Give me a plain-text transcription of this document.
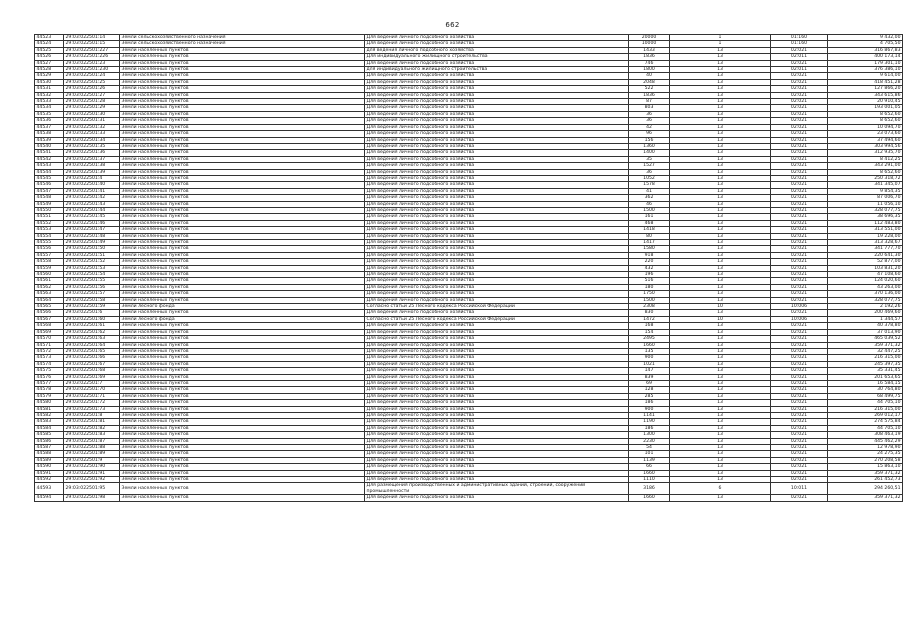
662
44523	29:03:022501:14	Земли сельскохозяйственного назначения	Для ведения личного подсобного хозяйства	20000	1	01:160	9 432,00
44524	29:03:022501:15	Земли сельскохозяйственного назначения	Для ведения личного подсобного хозяйства	10000	1	01:160	4 705,50
44525	29:03:022501:227	Земли населенных пунктов	для ведения личного подсобного хозяйства	1433	13	02:021	316 867,83
44526	29:03:022501:226	Земли населенных пунктов	Для индивидуального жилищного строительства	1836	13	02:011	400 173,14
44527	29:03:022501:23	Земли населенных пунктов	Для ведения личного подсобного хозяйства	746	13	02:021	179 301,10
44528	29:03:022501:230	Земли населенных пунктов	для индивидуального жилищного строительства	1800	13	02:011	376 386,10
44529	29:03:022501:24	Земли населенных пунктов	Для ведения личного подсобного хозяйства	40	13	02:021	9 614,00
44530	29:03:022501:25	Земли населенных пунктов	Для ведения личного подсобного хозяйства	2048	13	02:021	418 451,28
44531	29:03:022501:26	Земли населенных пунктов	Для ведения личного подсобного хозяйства	522	13	02:021	127 866,20
44532	29:03:022501:27	Земли населенных пунктов	Для ведения личного подсобного хозяйства	1836	13	02:021	343 615,86
44533	29:03:022501:28	Земли населенных пунктов	Для ведения личного подсобного хозяйства	87	13	02:021	20 910,45
44534	29:03:022501:29	Земли населенных пунктов	Для ведения личного подсобного хозяйства	803	13	02:021	193 001,05
44535	29:03:022501:30	Земли населенных пунктов	Для ведения личного подсобного хозяйства	36	13	02:021	8 652,60
44536	29:03:022501:31	Земли населенных пунктов	Для ведения личного подсобного хозяйства	36	13	02:021	8 652,60
44537	29:03:022501:32	Земли населенных пунктов	Для ведения личного подсобного хозяйства	42	13	02:021	10 094,70
44538	29:03:022501:33	Земли населенных пунктов	Для ведения личного подсобного хозяйства	96	13	02:021	23 073,60
44539	29:03:022501:34	Земли населенных пунктов	Для ведения личного подсобного хозяйства	156	13	02:021	37 494,60
44540	29:03:022501:35	Земли населенных пунктов	Для ведения личного подсобного хозяйства	1360	13	02:021	303 994,56
44541	29:03:022501:36	Земли населенных пунктов	Для ведения личного подсобного хозяйства	1400	13	02:021	312 935,70
44542	29:03:022501:37	Земли населенных пунктов	Для ведения личного подсобного хозяйства	35	13	02:021	8 412,25
44543	29:03:022501:38	Земли населенных пунктов	Для ведения личного подсобного хозяйства	1527	13	02:021	343 291,00
44544	29:03:022501:39	Земли населенных пунктов	Для ведения личного подсобного хозяйства	36	13	02:021	8 652,60
44545	29:03:022501:4	Земли населенных пунктов	Для ведения личного подсобного хозяйства	1052	13	02:021	250 318,72
44546	29:03:022501:40	Земли населенных пунктов	Для ведения личного подсобного хозяйства	1578	13	02:021	341 345,07
44547	29:03:022501:41	Земли населенных пунктов	Для ведения личного подсобного хозяйства	41	13	02:021	9 854,35
44548	29:03:022501:42	Земли населенных пунктов	Для ведения личного подсобного хозяйства	362	13	02:021	87 006,70
44549	29:03:022501:43	Земли населенных пунктов	Для ведения личного подсобного хозяйства	46	13	02:021	11 056,10
44550	29:03:022501:44	Земли населенных пунктов	Для ведения личного подсобного хозяйства	1500	13	02:021	328 077,75
44551	29:03:022501:45	Земли населенных пунктов	Для ведения личного подсобного хозяйства	161	13	02:021	38 696,35
44552	29:03:022501:46	Земли населенных пунктов	Для ведения личного подсобного хозяйства	468	13	02:021	112 483,80
44553	29:03:022501:47	Земли населенных пунктов	Для ведения личного подсобного хозяйства	1418	13	02:021	313 551,00
44554	29:03:022501:48	Земли населенных пунктов	Для ведения личного подсобного хозяйства	80	13	02:021	19 228,00
44555	29:03:022501:49	Земли населенных пунктов	Для ведения личного подсобного хозяйства	1417	13	02:021	313 328,67
44556	29:03:022501:50	Земли населенных пунктов	Для ведения личного подсобного хозяйства	1580	13	02:021	341 777,70
44557	29:03:022501:51	Земли населенных пунктов	Для ведения личного подсобного хозяйства	918	13	02:021	220 641,30
44558	29:03:022501:52	Земли населенных пунктов	Для ведения личного подсобного хозяйства	220	13	02:021	52 877,00
44559	29:03:022501:53	Земли населенных пунктов	Для ведения личного подсобного хозяйства	432	13	02:021	103 831,20
44560	29:03:022501:54	Земли населенных пунктов	Для ведения личного подсобного хозяйства	196	13	02:021	47 108,60
44561	29:03:022501:55	Земли населенных пунктов	Для ведения личного подсобного хозяйства	516	13	02:021	124 020,60
44562	29:03:022501:56	Земли населенных пунктов	Для ведения личного подсобного хозяйства	180	13	02:021	43 263,00
44563	29:03:022501:57	Земли населенных пунктов	Для ведения личного подсобного хозяйства	1750	13	02:021	370 136,00
44564	29:03:022501:58	Земли населенных пунктов	Для ведения личного подсобного хозяйства	1500	13	02:021	328 077,75
44565	29:03:022501:59	Земли лесного фонда	Согласно статьи 25 Лесного кодекса Российской Федерации	2308	10	10:006	2 192,26
44566	29:03:022501:6	Земли населенных пунктов	Для ведения личного подсобного хозяйства	830	13	02:021	200 469,60
44567	29:03:022501:60	Земли лесного фонда	Согласно статьи 25 Лесного кодекса Российской Федерации	1472	10	10:006	1 344,57
44568	29:03:022501:61	Земли населенных пунктов	Для ведения личного подсобного хозяйства	168	13	02:021	40 378,80
44569	29:03:022501:62	Земли населенных пунктов	Для ведения личного подсобного хозяйства	154	13	02:021	37 013,90
44570	29:03:022501:63	Земли населенных пунктов	Для ведения личного подсобного хозяйства	2495	13	02:021	465 039,52
44571	29:03:022501:64	Земли населенных пунктов	Для ведения личного подсобного хозяйства	1660	13	02:021	359 371,32
44572	29:03:022501:65	Земли населенных пунктов	Для ведения личного подсобного хозяйства	135	13	02:021	32 447,25
44573	29:03:022501:66	Земли населенных пунктов	Для ведения личного подсобного хозяйства	900	13	02:021	216 315,00
44574	29:03:022501:67	Земли населенных пунктов	Для ведения личного подсобного хозяйства	1021	13	02:021	245 397,35
44575	29:03:022501:68	Земли населенных пунктов	Для ведения личного подсобного хозяйства	147	13	02:021	35 331,45
44576	29:03:022501:69	Земли населенных пунктов	Для ведения личного подсобного хозяйства	839	13	02:021	201 653,65
44577	29:03:022501:7	Земли населенных пунктов	Для ведения личного подсобного хозяйства	69	13	02:021	16 584,15
44578	29:03:022501:70	Земли населенных пунктов	Для ведения личного подсобного хозяйства	128	13	02:021	30 764,80
44579	29:03:022501:71	Земли населенных пунктов	Для ведения личного подсобного хозяйства	285	13	02:021	68 499,75
44580	29:03:022501:72	Земли населенных пунктов	Для ведения личного подсобного хозяйства	186	13	02:021	44 705,10
44581	29:03:022501:73	Земли населенных пунктов	Для ведения личного подсобного хозяйства	900	13	02:021	216 315,00
44582	29:03:022501:8	Земли населенных пунктов	Для ведения личного подсобного хозяйства	1141	13	02:021	269 012,17
44583	29:03:022501:81	Земли населенных пунктов	Для ведения личного подсобного хозяйства	1190	13	02:021	274 575,84
44584	29:03:022501:82	Земли населенных пунктов	Для ведения личного подсобного хозяйства	186	13	02:021	44 705,10
44585	29:03:022501:83	Земли населенных пунктов	Для ведения личного подсобного хозяйства	1300	13	02:021	308 463,19
44586	29:03:022501:87	Земли населенных пунктов	Для ведения личного подсобного хозяйства	2230	13	02:021	445 462,29
44587	29:03:022501:88	Земли населенных пунктов	Для ведения личного подсобного хозяйства	54	13	02:021	12 978,90
44588	29:03:022501:89	Земли населенных пунктов	Для ведения личного подсобного хозяйства	101	13	02:021	24 275,35
44589	29:03:022501:9	Земли населенных пунктов	Для ведения личного подсобного хозяйства	1139	13	02:021	270 208,58
44590	29:03:022501:90	Земли населенных пунктов	Для ведения личного подсобного хозяйства	66	13	02:021	15 863,10
44591	29:03:022501:91	Земли населенных пунктов	Для ведения личного подсобного хозяйства	1660	13	02:021	359 371,32
44592	29:03:022501:92	Земли населенных пунктов	Для ведения личного подсобного хозяйства	1110	13	02:021	261 452,73
44593	29:03:022501:95	Земли населенных пунктов	Для размещения производственных и административных зданий, строений, сооружений промышленности	3186	6	10:011	294 260,51
44594	29:03:022501:98	Земли населенных пунктов	Для ведения личного подсобного хозяйства	1660	13	02:021	359 371,32
